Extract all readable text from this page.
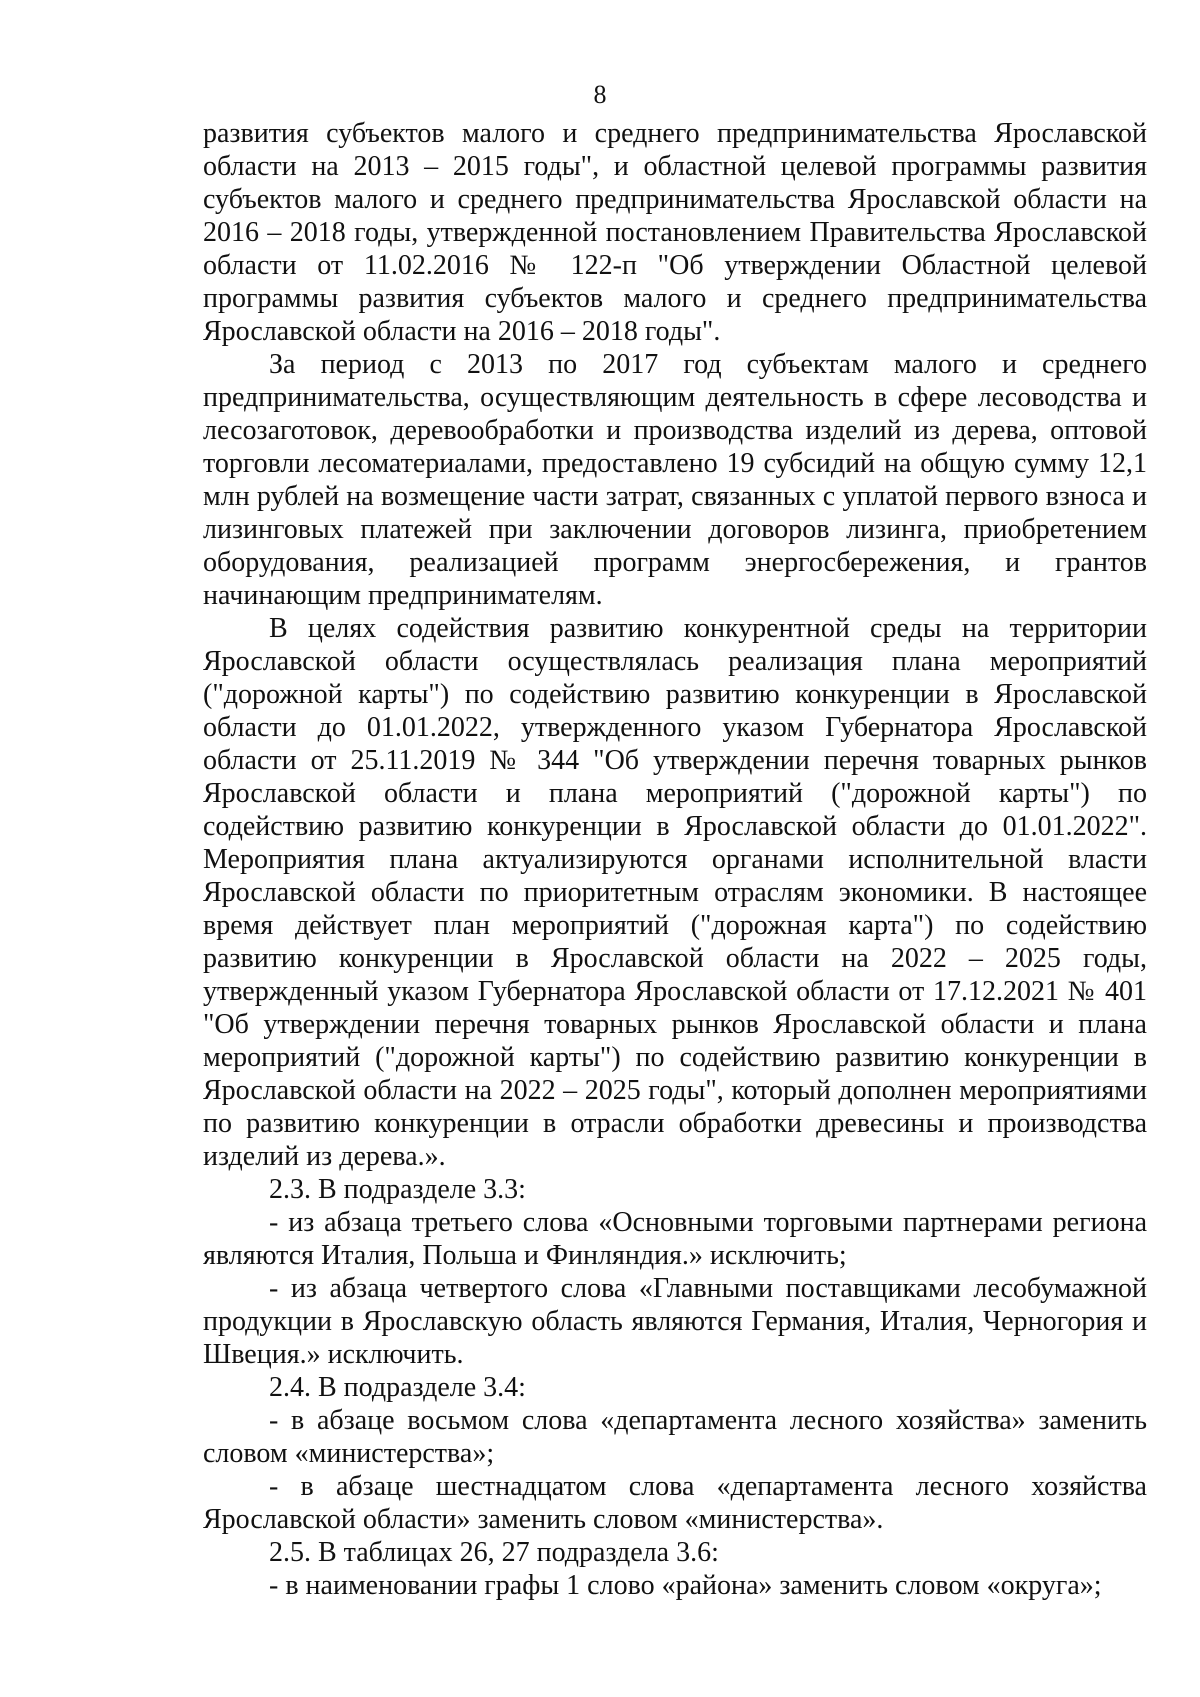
8

развития субъектов малого и среднего предпринимательства Ярославской области на 2013 – 2015 годы", и областной целевой программы развития субъектов малого и среднего предпринимательства Ярославской области на 2016 – 2018 годы, утвержденной постановлением Правительства Ярославской области от 11.02.2016 № 122-п "Об утверждении Областной целевой программы развития субъектов малого и среднего предпринимательства Ярославской области на 2016 – 2018 годы".

За период с 2013 по 2017 год субъектам малого и среднего предпринимательства, осуществляющим деятельность в сфере лесоводства и лесозаготовок, деревообработки и производства изделий из дерева, оптовой торговли лесоматериалами, предоставлено 19 субсидий на общую сумму 12,1 млн рублей на возмещение части затрат, связанных с уплатой первого взноса и лизинговых платежей при заключении договоров лизинга, приобретением оборудования, реализацией программ энергосбережения, и грантов начинающим предпринимателям.

В целях содействия развитию конкурентной среды на территории Ярославской области осуществлялась реализация плана мероприятий ("дорожной карты") по содействию развитию конкуренции в Ярославской области до 01.01.2022, утвержденного указом Губернатора Ярославской области от 25.11.2019 № 344 "Об утверждении перечня товарных рынков Ярославской области и плана мероприятий ("дорожной карты") по содействию развитию конкуренции в Ярославской области до 01.01.2022". Мероприятия плана актуализируются органами исполнительной власти Ярославской области по приоритетным отраслям экономики. В настоящее время действует план мероприятий ("дорожная карта") по содействию развитию конкуренции в Ярославской области на 2022 – 2025 годы, утвержденный указом Губернатора Ярославской области от 17.12.2021 № 401 "Об утверждении перечня товарных рынков Ярославской области и плана мероприятий ("дорожной карты") по содействию развитию конкуренции в Ярославской области на 2022 – 2025 годы", который дополнен мероприятиями по развитию конкуренции в отрасли обработки древесины и производства изделий из дерева.».

2.3. В подразделе 3.3:

- из абзаца третьего слова «Основными торговыми партнерами региона являются Италия, Польша и Финляндия.» исключить;

- из абзаца четвертого слова «Главными поставщиками лесобумажной продукции в Ярославскую область являются Германия, Италия, Черногория и Швеция.» исключить.

2.4. В подразделе 3.4:

- в абзаце восьмом слова «департамента лесного хозяйства» заменить словом «министерства»;

- в абзаце шестнадцатом слова «департамента лесного хозяйства Ярославской области» заменить словом «министерства».

2.5. В таблицах 26, 27 подраздела 3.6:

- в наименовании графы 1 слово «района» заменить словом «округа»;
